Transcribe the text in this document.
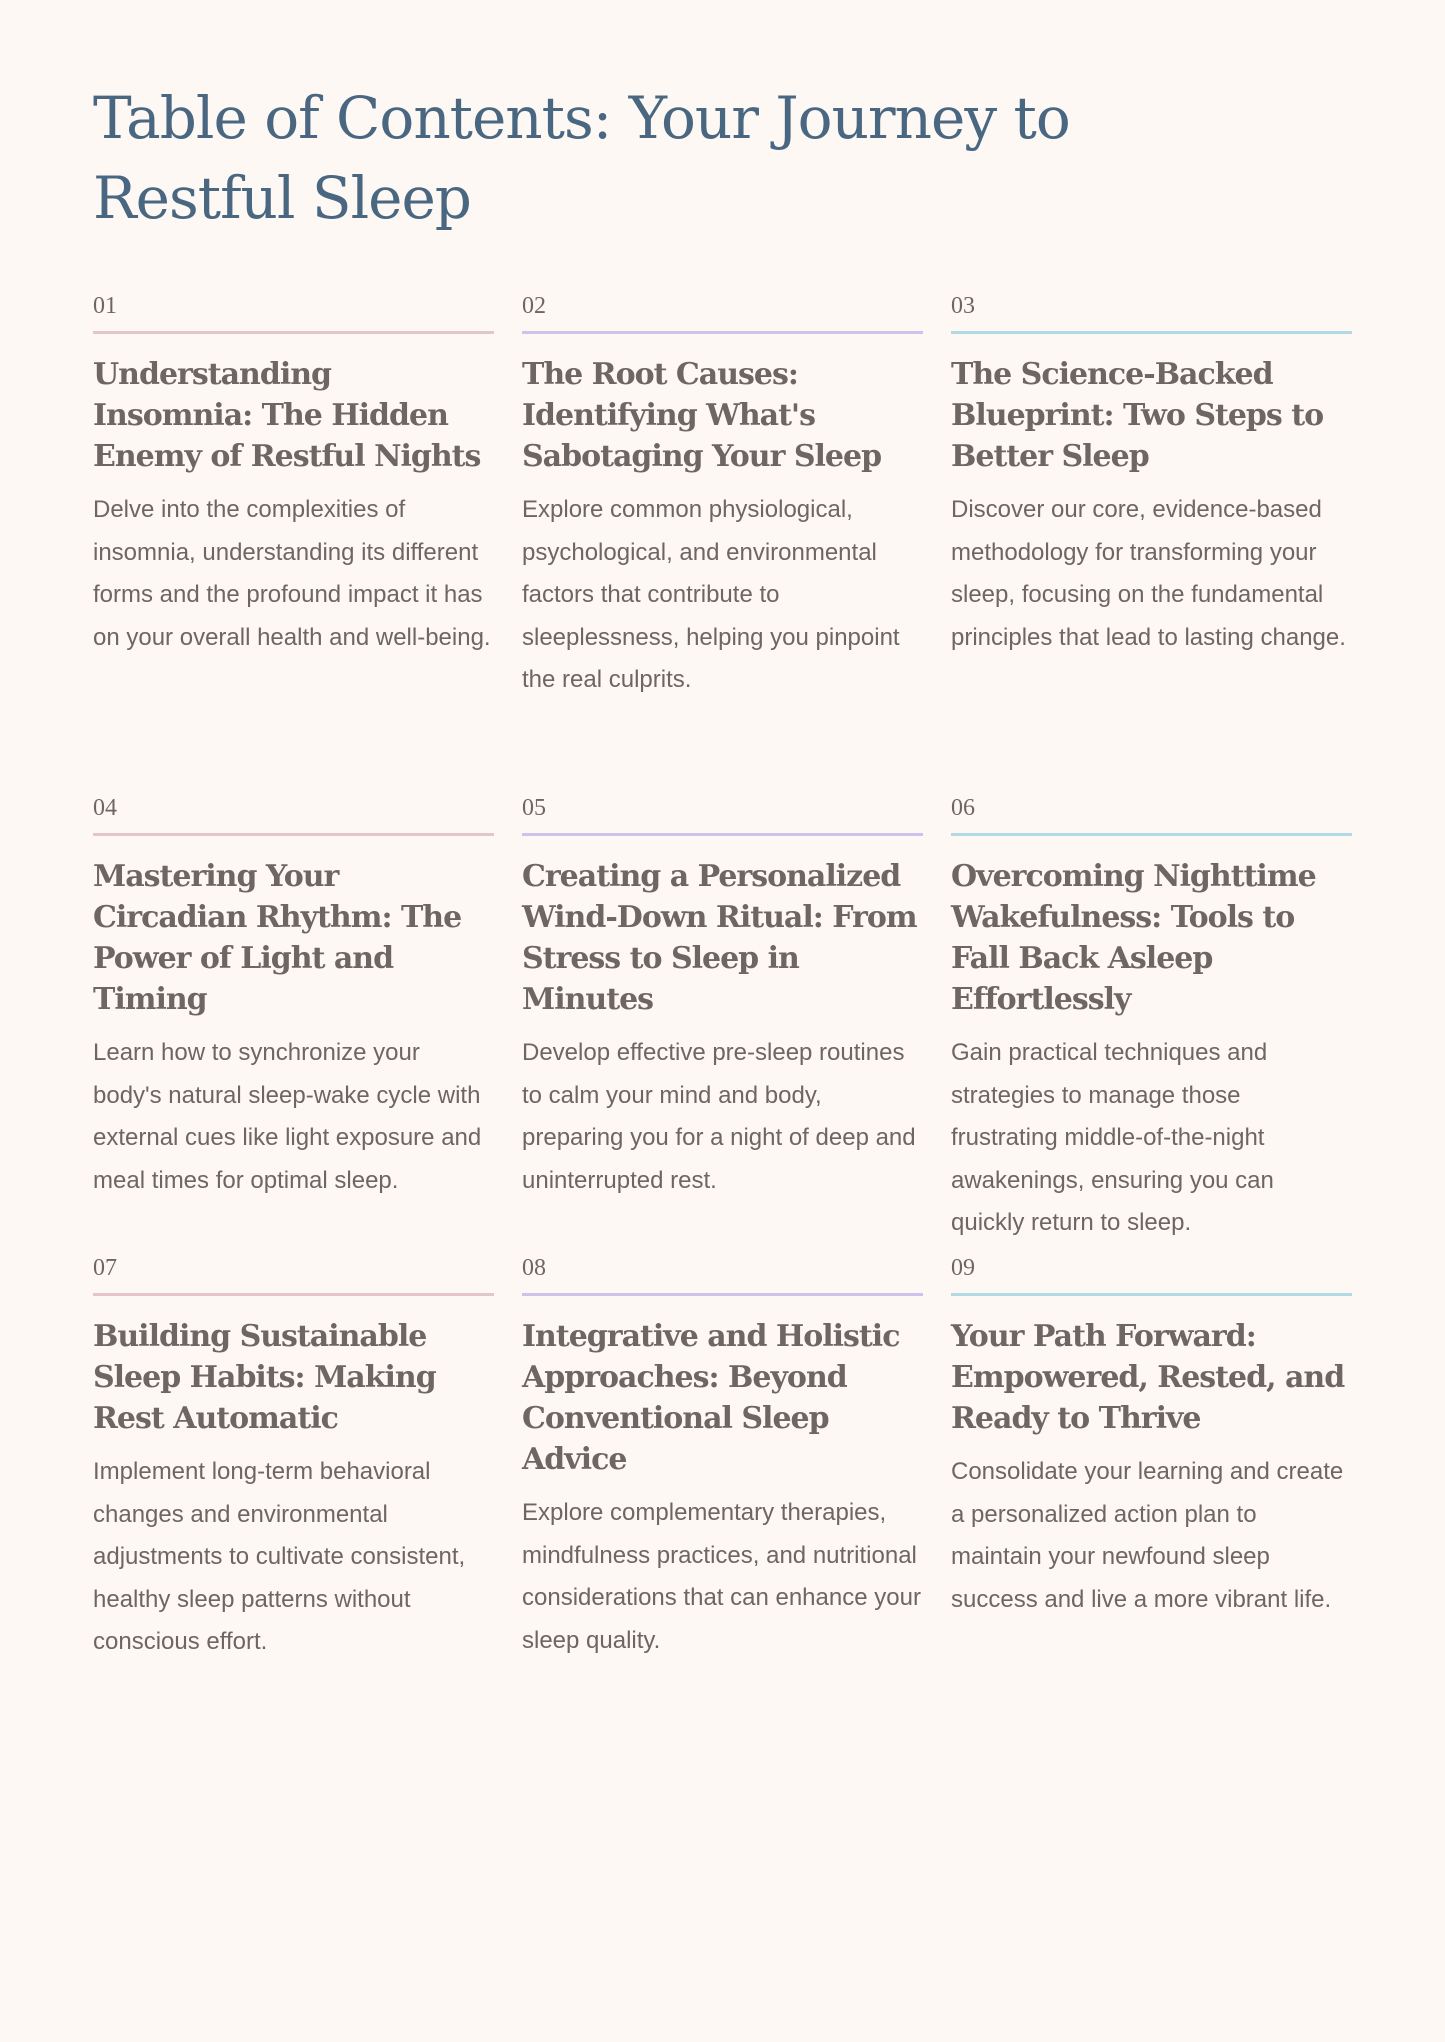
Table of Contents: Your Journey to Restful Sleep
01
Understanding Insomnia: The Hidden Enemy of Restful Nights

Delve into the complexities of insomnia, understanding its different forms and the profound impact it has on your overall health and well-being.

02
The Root Causes: Identifying What's Sabotaging Your Sleep

Explore common physiological, psychological, and environmental factors that contribute to sleeplessness, helping you pinpoint the real culprits.

03
The Science-Backed Blueprint: Two Steps to Better Sleep

Discover our core, evidence-based methodology for transforming your sleep, focusing on the fundamental principles that lead to lasting change.

04
Mastering Your Circadian Rhythm: The Power of Light and Timing

Learn how to synchronize your body's natural sleep-wake cycle with external cues like light exposure and meal times for optimal sleep.

05
Creating a Personalized Wind-Down Ritual: From Stress to Sleep in Minutes

Develop effective pre-sleep routines to calm your mind and body, preparing you for a night of deep and uninterrupted rest.

06
Overcoming Nighttime Wakefulness: Tools to Fall Back Asleep Effortlessly

Gain practical techniques and strategies to manage those frustrating middle-of-the-night awakenings, ensuring you can quickly return to sleep.

07
Building Sustainable Sleep Habits: Making Rest Automatic

Implement long-term behavioral changes and environmental adjustments to cultivate consistent, healthy sleep patterns without conscious effort.

08
Integrative and Holistic Approaches: Beyond Conventional Sleep Advice

Explore complementary therapies, mindfulness practices, and nutritional considerations that can enhance your sleep quality.

09
Your Path Forward: Empowered, Rested, and Ready to Thrive

Consolidate your learning and create a personalized action plan to maintain your newfound sleep success and live a more vibrant life.
